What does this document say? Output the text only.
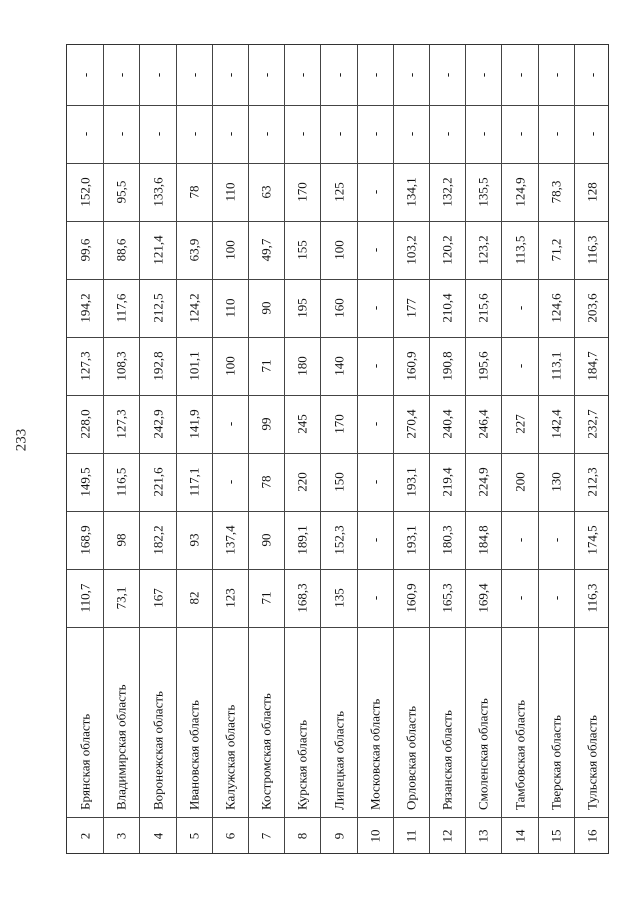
233
2
Брянская область
110,7
168,9
149,5
228,0
127,3
194,2
99,6
152,0
-
-
3
Владимирская область
73,1
98
116,5
127,3
108,3
117,6
88,6
95,5
-
-
4
Воронежская область
167
182,2
221,6
242,9
192,8
212,5
121,4
133,6
-
-
5
Ивановская область
82
93
117,1
141,9
101,1
124,2
63,9
78
-
-
6
Калужская область
123
137,4
-
-
100
110
100
110
-
-
7
Костромская область
71
90
78
99
71
90
49,7
63
-
-
8
Курская область
168,3
189,1
220
245
180
195
155
170
-
-
9
Липецкая область
135
152,3
150
170
140
160
100
125
-
-
10
Московская область
-
-
-
-
-
-
-
-
-
-
11
Орловская область
160,9
193,1
193,1
270,4
160,9
177
103,2
134,1
-
-
12
Рязанская область
165,3
180,3
219,4
240,4
190,8
210,4
120,2
132,2
-
-
13
Смоленская область
169,4
184,8
224,9
246,4
195,6
215,6
123,2
135,5
-
-
14
Тамбовская область
-
-
200
227
-
-
113,5
124,9
-
-
15
Тверская область
-
-
130
142,4
113,1
124,6
71,2
78,3
-
-
16
Тульская область
116,3
174,5
212,3
232,7
184,7
203,6
116,3
128
-
-
